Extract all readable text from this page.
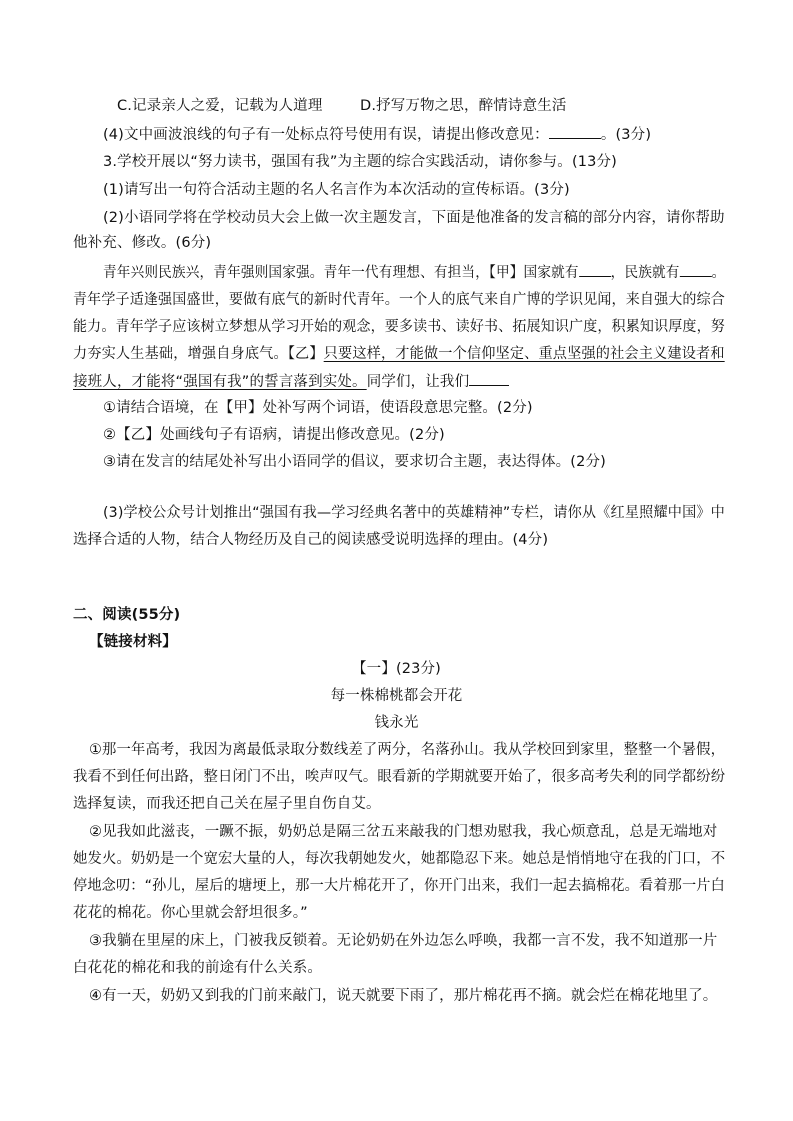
C.记录亲人之爱，记载为人道理	D.抒写万物之思，醉情诗意生活
(4)文中画波浪线的句子有一处标点符号使用有误，请提出修改意见：	。(3分)
3.学校开展以“努力读书，强国有我”为主题的综合实践活动，请你参与。(13分)
(1)请写出一句符合活动主题的名人名言作为本次活动的宣传标语。(3分)
(2)小语同学将在学校动员大会上做一次主题发言，下面是他准备的发言稿的部分内容，请你帮助
他补充、修改。(6分)
青年兴则民族兴，青年强则国家强。青年一代有理想、有担当，【甲】国家就有 ，民族就有 。
青年学子适逢强国盛世，要做有底气的新时代青年。一个人的底气来自广博的学识见闻，来自强大的综合
能力。青年学子应该树立梦想从学习开始的观念，要多读书、读好书、拓展知识广度，积累知识厚度，努
力夯实人生基础，增强自身底气。【乙】只要这样，才能做一个信仰坚定、重点坚强的社会主义建设者和
接班人，才能将“强国有我”的誓言落到实处。同学们，让我们
①请结合语境，在【甲】处补写两个词语，使语段意思完整。(2分)
②【乙】处画线句子有语病，请提出修改意见。(2分)
③请在发言的结尾处补写出小语同学的倡议，要求切合主题，表达得体。(2分)
(3)学校公众号计划推出“强国有我—学习经典名著中的英雄精神”专栏，请你从《红星照耀中国》中
选择合适的人物，结合人物经历及自己的阅读感受说明选择的理由。(4分)
二、阅读(55分)
【链接材料】
【一】(23分)
每一株棉桃都会开花
钱永光
①那一年高考，我因为离最低录取分数线差了两分，名落孙山。我从学校回到家里，整整一个暑假，
我看不到任何出路，整日闭门不出，唉声叹气。眼看新的学期就要开始了，很多高考失利的同学都纷纷
选择复读，而我还把自己关在屋子里自伤自艾。
②见我如此滋丧，一蹶不振，奶奶总是隔三岔五来敲我的门想劝慰我，我心烦意乱，总是无端地对
她发火。奶奶是一个宽宏大量的人，每次我朝她发火，她都隐忍下来。她总是悄悄地守在我的门口，不
停地念叨：“孙儿，屋后的塘埂上，那一大片棉花开了，你开门出来，我们一起去搞棉花。看着那一片白
花花的棉花。你心里就会舒坦很多。”
③我躺在里屋的床上，门被我反锁着。无论奶奶在外边怎么呼唤，我都一言不发，我不知道那一片
白花花的棉花和我的前途有什么关系。
④有一天，奶奶又到我的门前来敲门，说天就要下雨了，那片棉花再不摘。就会烂在棉花地里了。
